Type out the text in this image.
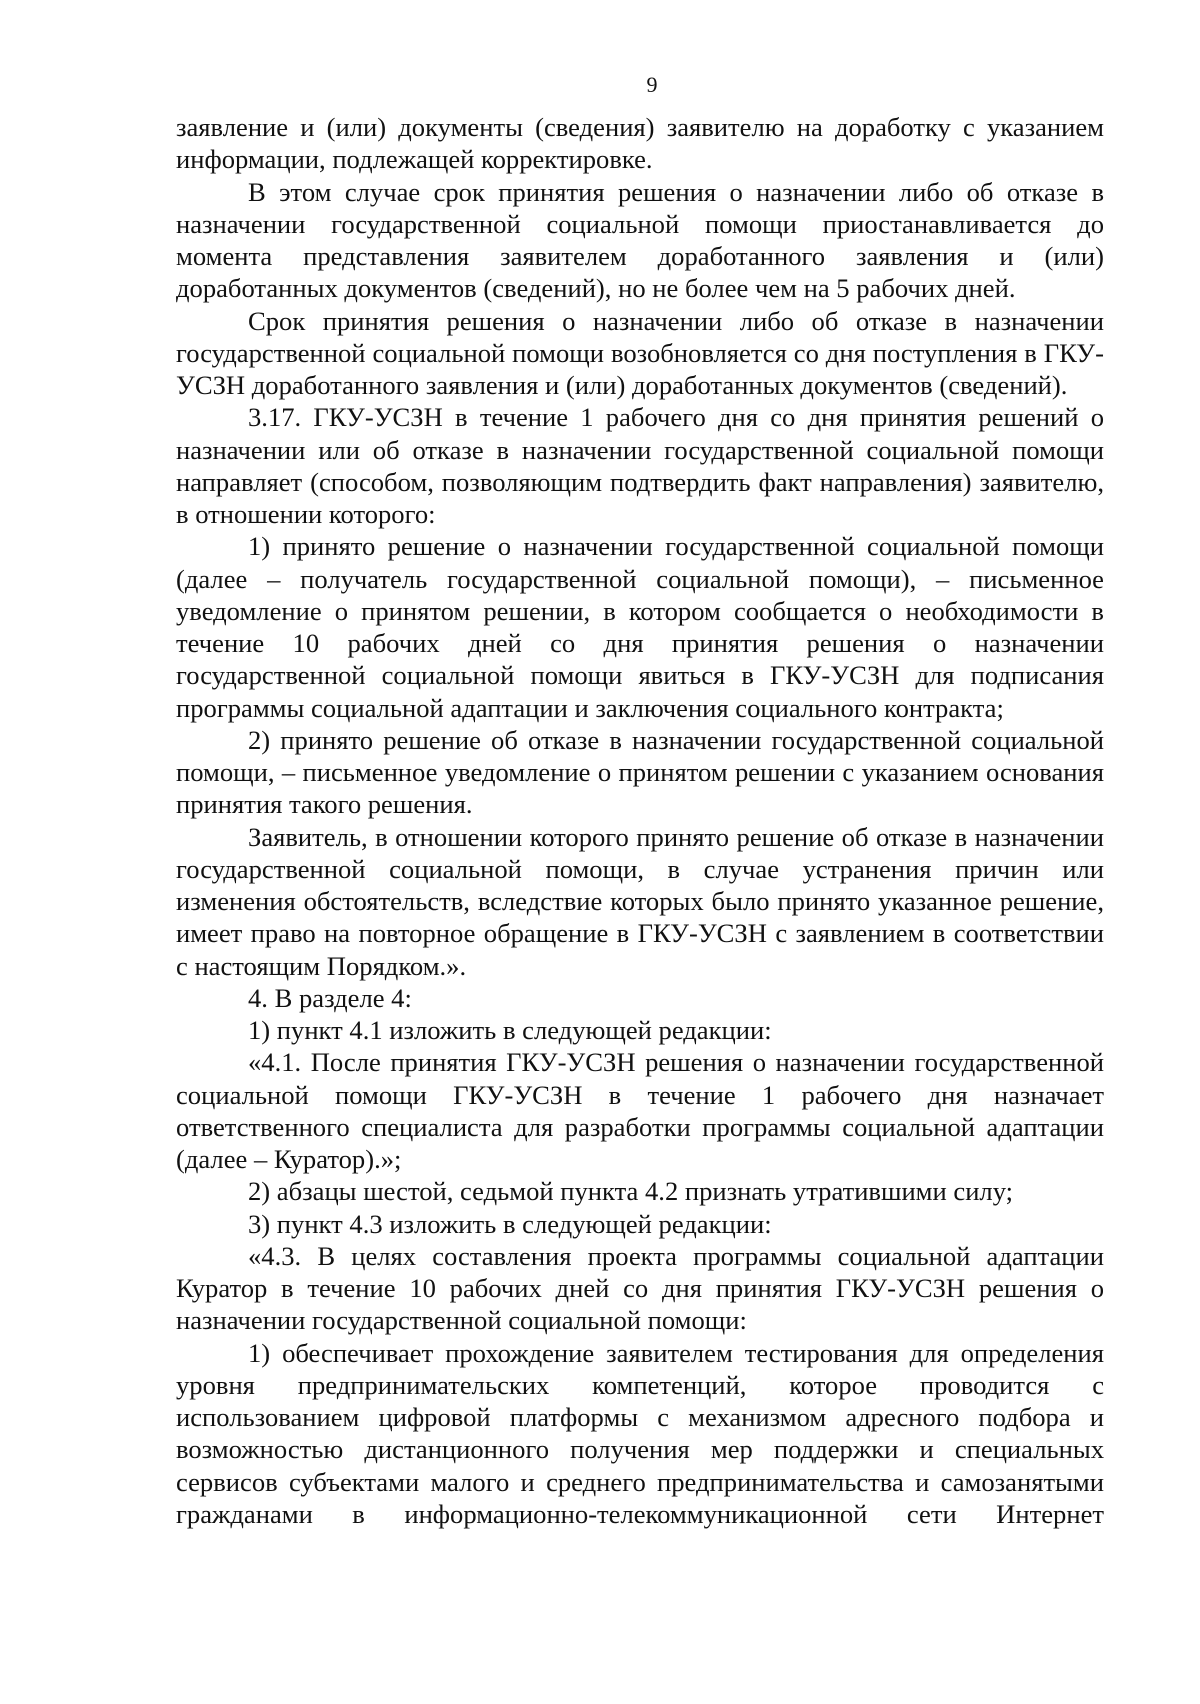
9

заявление и (или) документы (сведения) заявителю на доработку с указанием информации, подлежащей корректировке.

В этом случае срок принятия решения о назначении либо об отказе в назначении государственной социальной помощи приостанавливается до момента представления заявителем доработанного заявления и (или) доработанных документов (сведений), но не более чем на 5 рабочих дней.

Срок принятия решения о назначении либо об отказе в назначении государственной социальной помощи возобновляется со дня поступления в ГКУ-УСЗН доработанного заявления и (или) доработанных документов (сведений).

3.17. ГКУ-УСЗН в течение 1 рабочего дня со дня принятия решений о назначении или об отказе в назначении государственной социальной помощи направляет (способом, позволяющим подтвердить факт направления) заявителю, в отношении которого:

1) принято решение о назначении государственной социальной помощи (далее – получатель государственной социальной помощи), – письменное уведомление о принятом решении, в котором сообщается о необходимости в течение 10 рабочих дней со дня принятия решения о назначении государственной социальной помощи явиться в ГКУ-УСЗН для подписания программы социальной адаптации и заключения социального контракта;

2) принято решение об отказе в назначении государственной социальной помощи, – письменное уведомление о принятом решении с указанием основания принятия такого решения.

Заявитель, в отношении которого принято решение об отказе в назначении государственной социальной помощи, в случае устранения причин или изменения обстоятельств, вследствие которых было принято указанное решение, имеет право на повторное обращение в ГКУ-УСЗН с заявлением в соответствии с настоящим Порядком.».

4. В разделе 4:

1) пункт 4.1 изложить в следующей редакции:

«4.1. После принятия ГКУ-УСЗН решения о назначении государственной социальной помощи ГКУ-УСЗН в течение 1 рабочего дня назначает ответственного специалиста для разработки программы социальной адаптации (далее – Куратор).»;

2) абзацы шестой, седьмой пункта 4.2 признать утратившими силу;

3) пункт 4.3 изложить в следующей редакции:

«4.3. В целях составления проекта программы социальной адаптации Куратор в течение 10 рабочих дней со дня принятия ГКУ-УСЗН решения о назначении государственной социальной помощи:

1) обеспечивает прохождение заявителем тестирования для определения уровня предпринимательских компетенций, которое проводится с использованием цифровой платформы с механизмом адресного подбора и возможностью дистанционного получения мер поддержки и специальных сервисов субъектами малого и среднего предпринимательства и самозанятыми гражданами в информационно-телекоммуникационной сети Интернет
